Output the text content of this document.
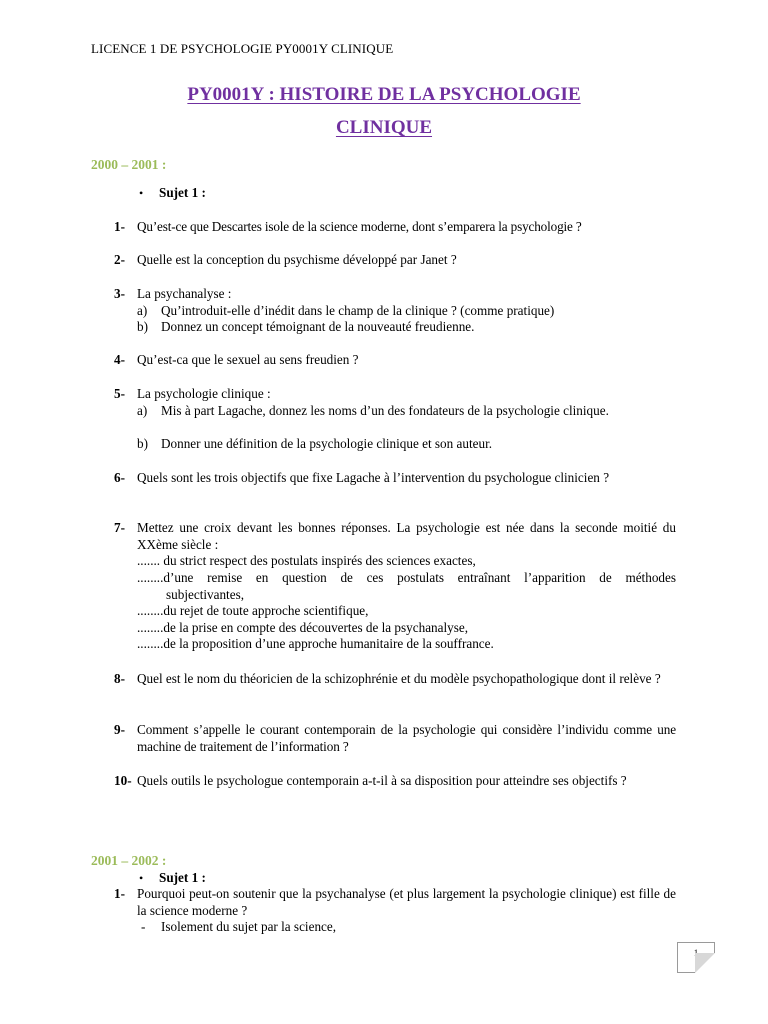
LICENCE 1 DE PSYCHOLOGIE PY0001Y CLINIQUE
PY0001Y : HISTOIRE DE LA PSYCHOLOGIE
CLINIQUE
2000 – 2001 :
• Sujet 1 :
1- Qu’est-ce que Descartes isole de la science moderne, dont s’emparera la psychologie ?
2- Quelle est la conception du psychisme développé par Janet ?
3- La psychanalyse :
a) Qu’introduit-elle d’inédit dans le champ de la clinique ? (comme pratique)
b) Donnez un concept témoignant de la nouveauté freudienne.
4- Qu’est-ca que le sexuel au sens freudien ?
5- La psychologie clinique :
a) Mis à part Lagache, donnez les noms d’un des fondateurs de la psychologie clinique.
b) Donner une définition de la psychologie clinique et son auteur.
6- Quels sont les trois objectifs que fixe Lagache à l’intervention du psychologue clinicien ?
7- Mettez une croix devant les bonnes réponses. La psychologie est née dans la seconde moitié du XXème siècle :
....... du strict respect des postulats inspirés des sciences exactes,
........d’une remise en question de ces postulats entraînant l’apparition de méthodes
subjectivantes,
........du rejet de toute approche scientifique,
........de la prise en compte des découvertes de la psychanalyse,
........de la proposition d’une approche humanitaire de la souffrance.
8- Quel est le nom du théoricien de la schizophrénie et du modèle psychopathologique dont il relève ?
9- Comment s’appelle le courant contemporain de la psychologie qui considère l’individu comme une machine de traitement de l’information ?
10- Quels outils le psychologue contemporain a-t-il à sa disposition pour atteindre ses objectifs ?
2001 – 2002 :
• Sujet 1 :
1- Pourquoi peut-on soutenir que la psychanalyse (et plus largement la psychologie clinique) est fille de la science moderne ?
- Isolement du sujet par la science,
1
